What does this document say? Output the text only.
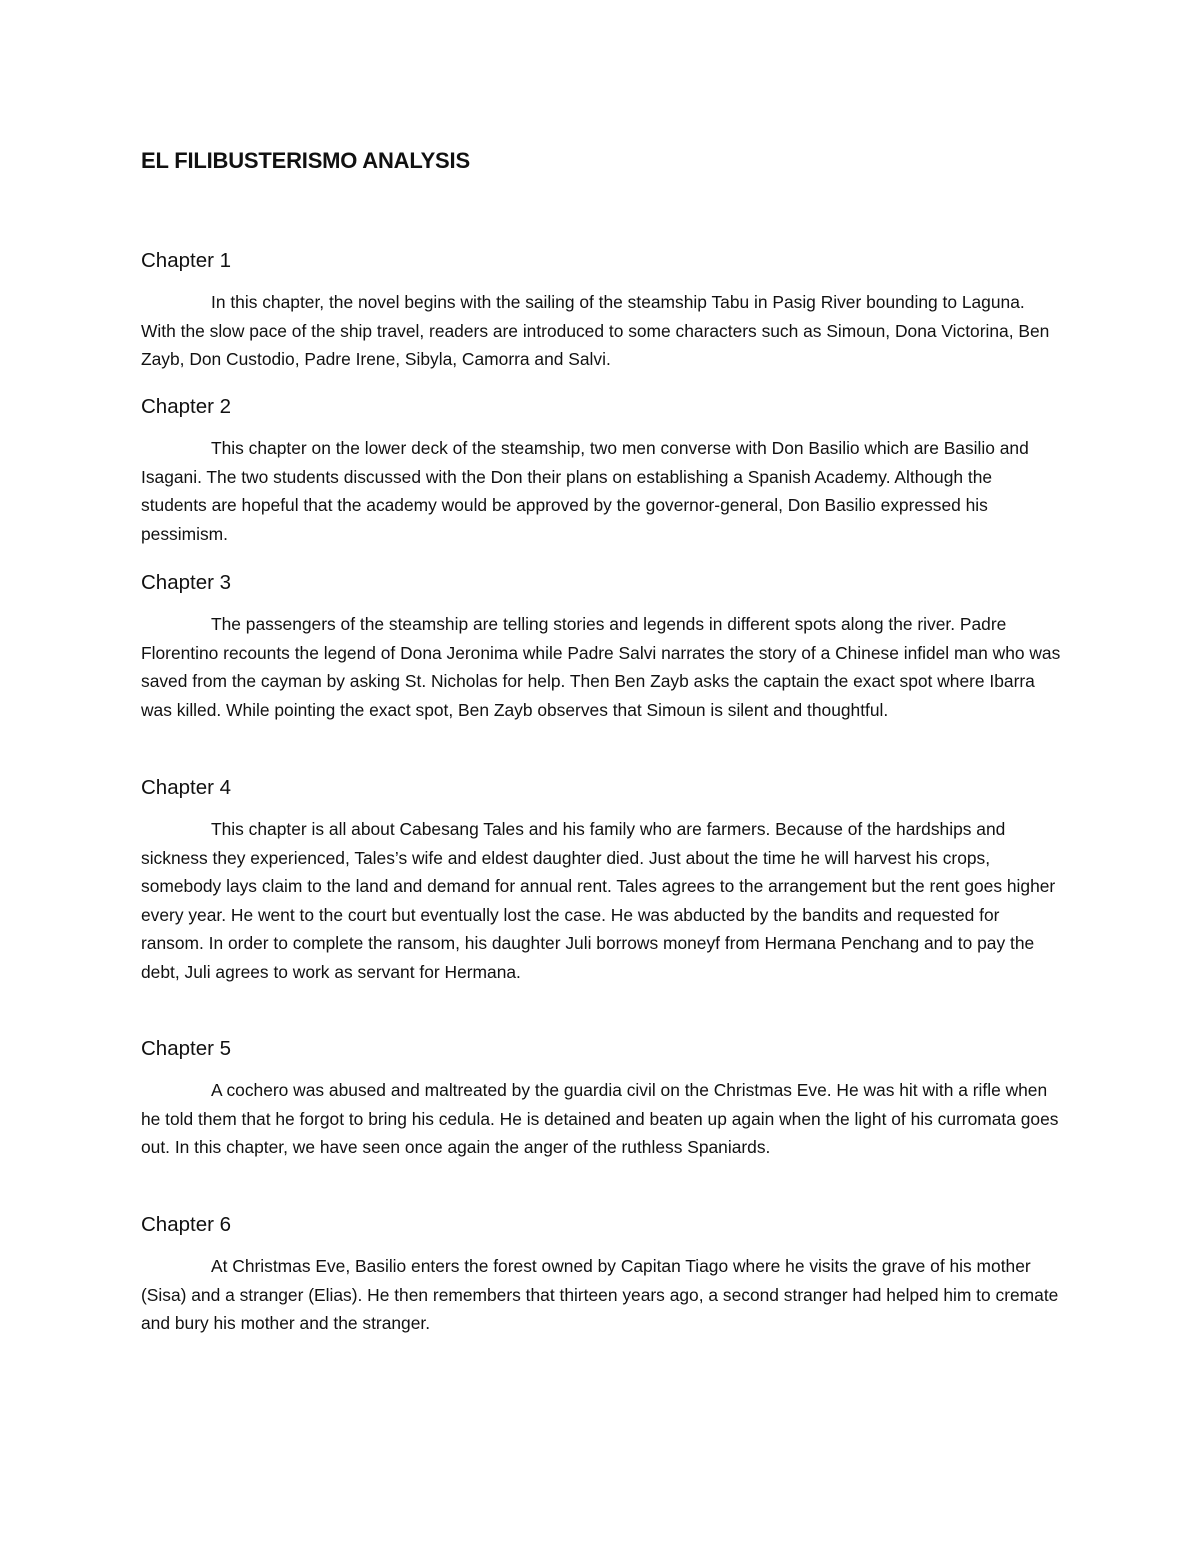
EL FILIBUSTERISMO ANALYSIS
Chapter 1

In this chapter, the novel begins with the sailing of the steamship Tabu in Pasig River bounding to Laguna. With the slow pace of the ship travel, readers are introduced to some characters such as Simoun, Dona Victorina, Ben Zayb, Don Custodio, Padre Irene, Sibyla, Camorra and Salvi.

Chapter 2

This chapter on the lower deck of the steamship, two men converse with Don Basilio which are Basilio and Isagani. The two students discussed with the Don their plans on establishing a Spanish Academy. Although the students are hopeful that the academy would be approved by the governor-general, Don Basilio expressed his pessimism.

Chapter 3

The passengers of the steamship are telling stories and legends in different spots along the river. Padre Florentino recounts the legend of Dona Jeronima while Padre Salvi narrates the story of a Chinese infidel man who was saved from the cayman by asking St. Nicholas for help. Then Ben Zayb asks the captain the exact spot where Ibarra was killed. While pointing the exact spot, Ben Zayb observes that Simoun is silent and thoughtful.

Chapter 4

This chapter is all about Cabesang Tales and his family who are farmers. Because of the hardships and sickness they experienced, Tales’s wife and eldest daughter died. Just about the time he will harvest his crops, somebody lays claim to the land and demand for annual rent. Tales agrees to the arrangement but the rent goes higher every year. He went to the court but eventually lost the case. He was abducted by the bandits and requested for ransom. In order to complete the ransom, his daughter Juli borrows moneyf from Hermana Penchang and to pay the debt, Juli agrees to work as servant for Hermana.

Chapter 5

A cochero was abused and maltreated by the guardia civil on the Christmas Eve. He was hit with a rifle when he told them that he forgot to bring his cedula. He is detained and beaten up again when the light of his curromata goes out. In this chapter, we have seen once again the anger of the ruthless Spaniards.

Chapter 6

At Christmas Eve, Basilio enters the forest owned by Capitan Tiago where he visits the grave of his mother (Sisa) and a stranger (Elias). He then remembers that thirteen years ago, a second stranger had helped him to cremate and bury his mother and the stranger.
